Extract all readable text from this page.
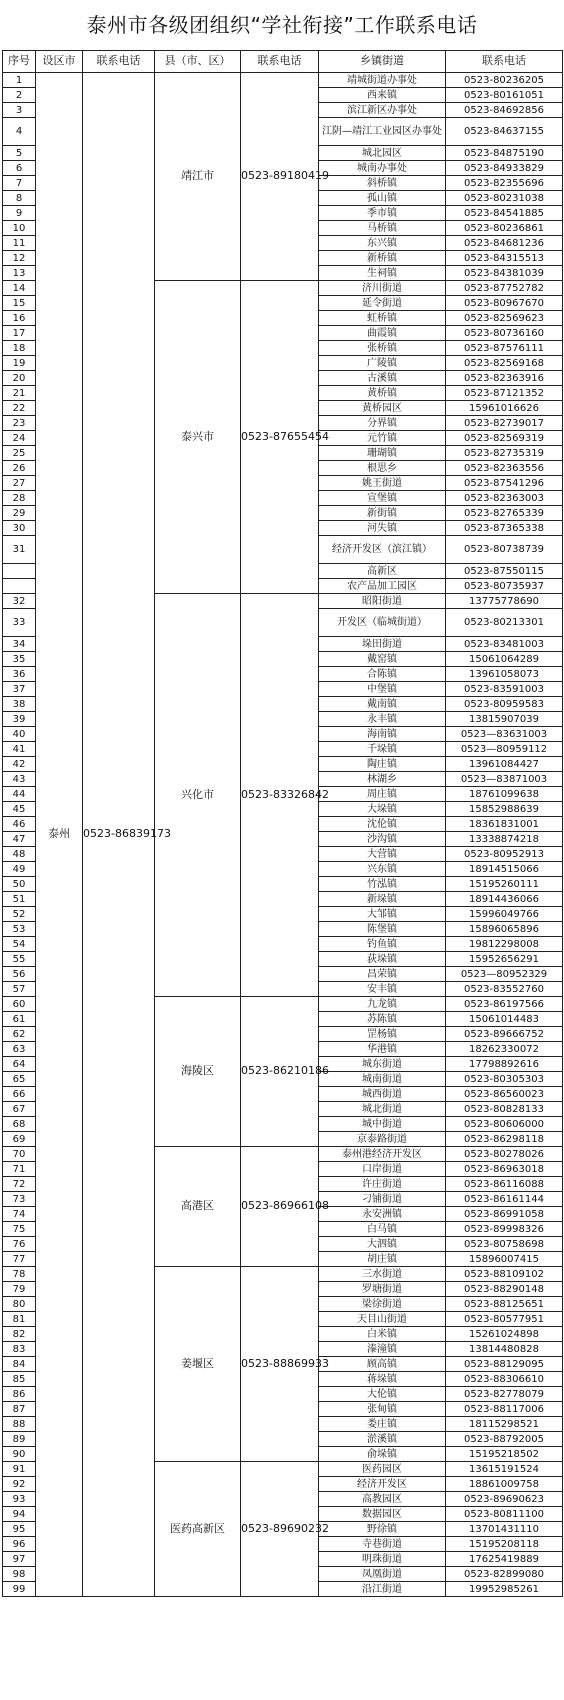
泰州市各级团组织“学社衔接”工作联系电话
序号	设区市	联系电话	县（市、区）	联系电话	乡镇街道	联系电话
1	泰州	0523-86839173	靖江市	0523-89180419	靖城街道办事处	0523-80236205
2					西来镇	0523-80161051
3					滨江新区办事处	0523-84692856
4					江阴—靖江工业园区办事处	0523-84637155
5					城北园区	0523-84875190
6					城南办事处	0523-84933829
7					斜桥镇	0523-82355696
8					孤山镇	0523-80231038
9					季市镇	0523-84541885
10					马桥镇	0523-80236861
11					东兴镇	0523-84681236
12					新桥镇	0523-84315513
13					生祠镇	0523-84381039
14			泰兴市	0523-87655454	济川街道	0523-87752782
15					延令街道	0523-80967670
16					虹桥镇	0523-82569623
17					曲霞镇	0523-80736160
18					张桥镇	0523-87576111
19					广陵镇	0523-82569168
20					古溪镇	0523-82363916
21					黄桥镇	0523-87121352
22					黄桥园区	15961016626
23					分界镇	0523-82739017
24					元竹镇	0523-82569319
25					珊瑚镇	0523-82735319
26					根思乡	0523-82363556
27					姚王街道	0523-87541296
28					宣堡镇	0523-82363003
29					新街镇	0523-82765339
30					河失镇	0523-87365338
31					经济开发区（滨江镇）	0523-80738739
					高新区	0523-87550115
					农产品加工园区	0523-80735937
32			兴化市	0523-83326842	昭阳街道	13775778690
33					开发区（临城街道）	0523-80213301
34					垛田街道	0523-83481003
35					戴窑镇	15061064289
36					合陈镇	13961058073
37					中堡镇	0523-83591003
38					戴南镇	0523-80959583
39					永丰镇	13815907039
40					海南镇	0523—83631003
41					千垛镇	0523—80959112
42					陶庄镇	13961084427
43					林湖乡	0523—83871003
44					周庄镇	18761099638
45					大垛镇	15852988639
46					沈伦镇	18361831001
47					沙沟镇	13338874218
48					大营镇	0523-80952913
49					兴东镇	18914515066
50					竹泓镇	15195260111
51					新垛镇	18914436066
52					大邹镇	15996049766
53					陈堡镇	15896065896
54					钓鱼镇	19812298008
55					荻垛镇	15952656291
56					昌荣镇	0523—80952329
57					安丰镇	0523-83552760
60			海陵区	0523-86210186	九龙镇	0523-86197566
61					苏陈镇	15061014483
62					罡杨镇	0523-89666752
63					华港镇	18262330072
64					城东街道	17798892616
65					城南街道	0523-80305303
66					城西街道	0523-86560023
67					城北街道	0523-80828133
68					城中街道	0523-80606000
69					京泰路街道	0523-86298118
70			高港区	0523-86966108	泰州港经济开发区	0523-80278026
71					口岸街道	0523-86963018
72					许庄街道	0523-86116088
73					刁铺街道	0523-86161144
74					永安洲镇	0523-86991058
75					白马镇	0523-89998326
76					大泗镇	0523-80758698
77					胡庄镇	15896007415
78			姜堰区	0523-88869933	三水街道	0523-88109102
79					罗塘街道	0523-88290148
80					梁徐街道	0523-88125651
81					天目山街道	0523-80577951
82					白米镇	15261024898
83					溱潼镇	13814480828
84					顾高镇	0523-88129095
85					蒋垛镇	0523-88306610
86					大伦镇	0523-82778079
87					张甸镇	0523-88117006
88					娄庄镇	18115298521
89					淤溪镇	0523-88792005
90					俞垛镇	15195218502
91			医药高新区	0523-89690232	医药园区	13615191524
92					经济开发区	18861009758
93					高教园区	0523-89690623
94					数据园区	0523-80811100
95					野徐镇	13701431110
96					寺巷街道	15195208118
97					明珠街道	17625419889
98					凤凰街道	0523-82899080
99					沿江街道	19952985261
